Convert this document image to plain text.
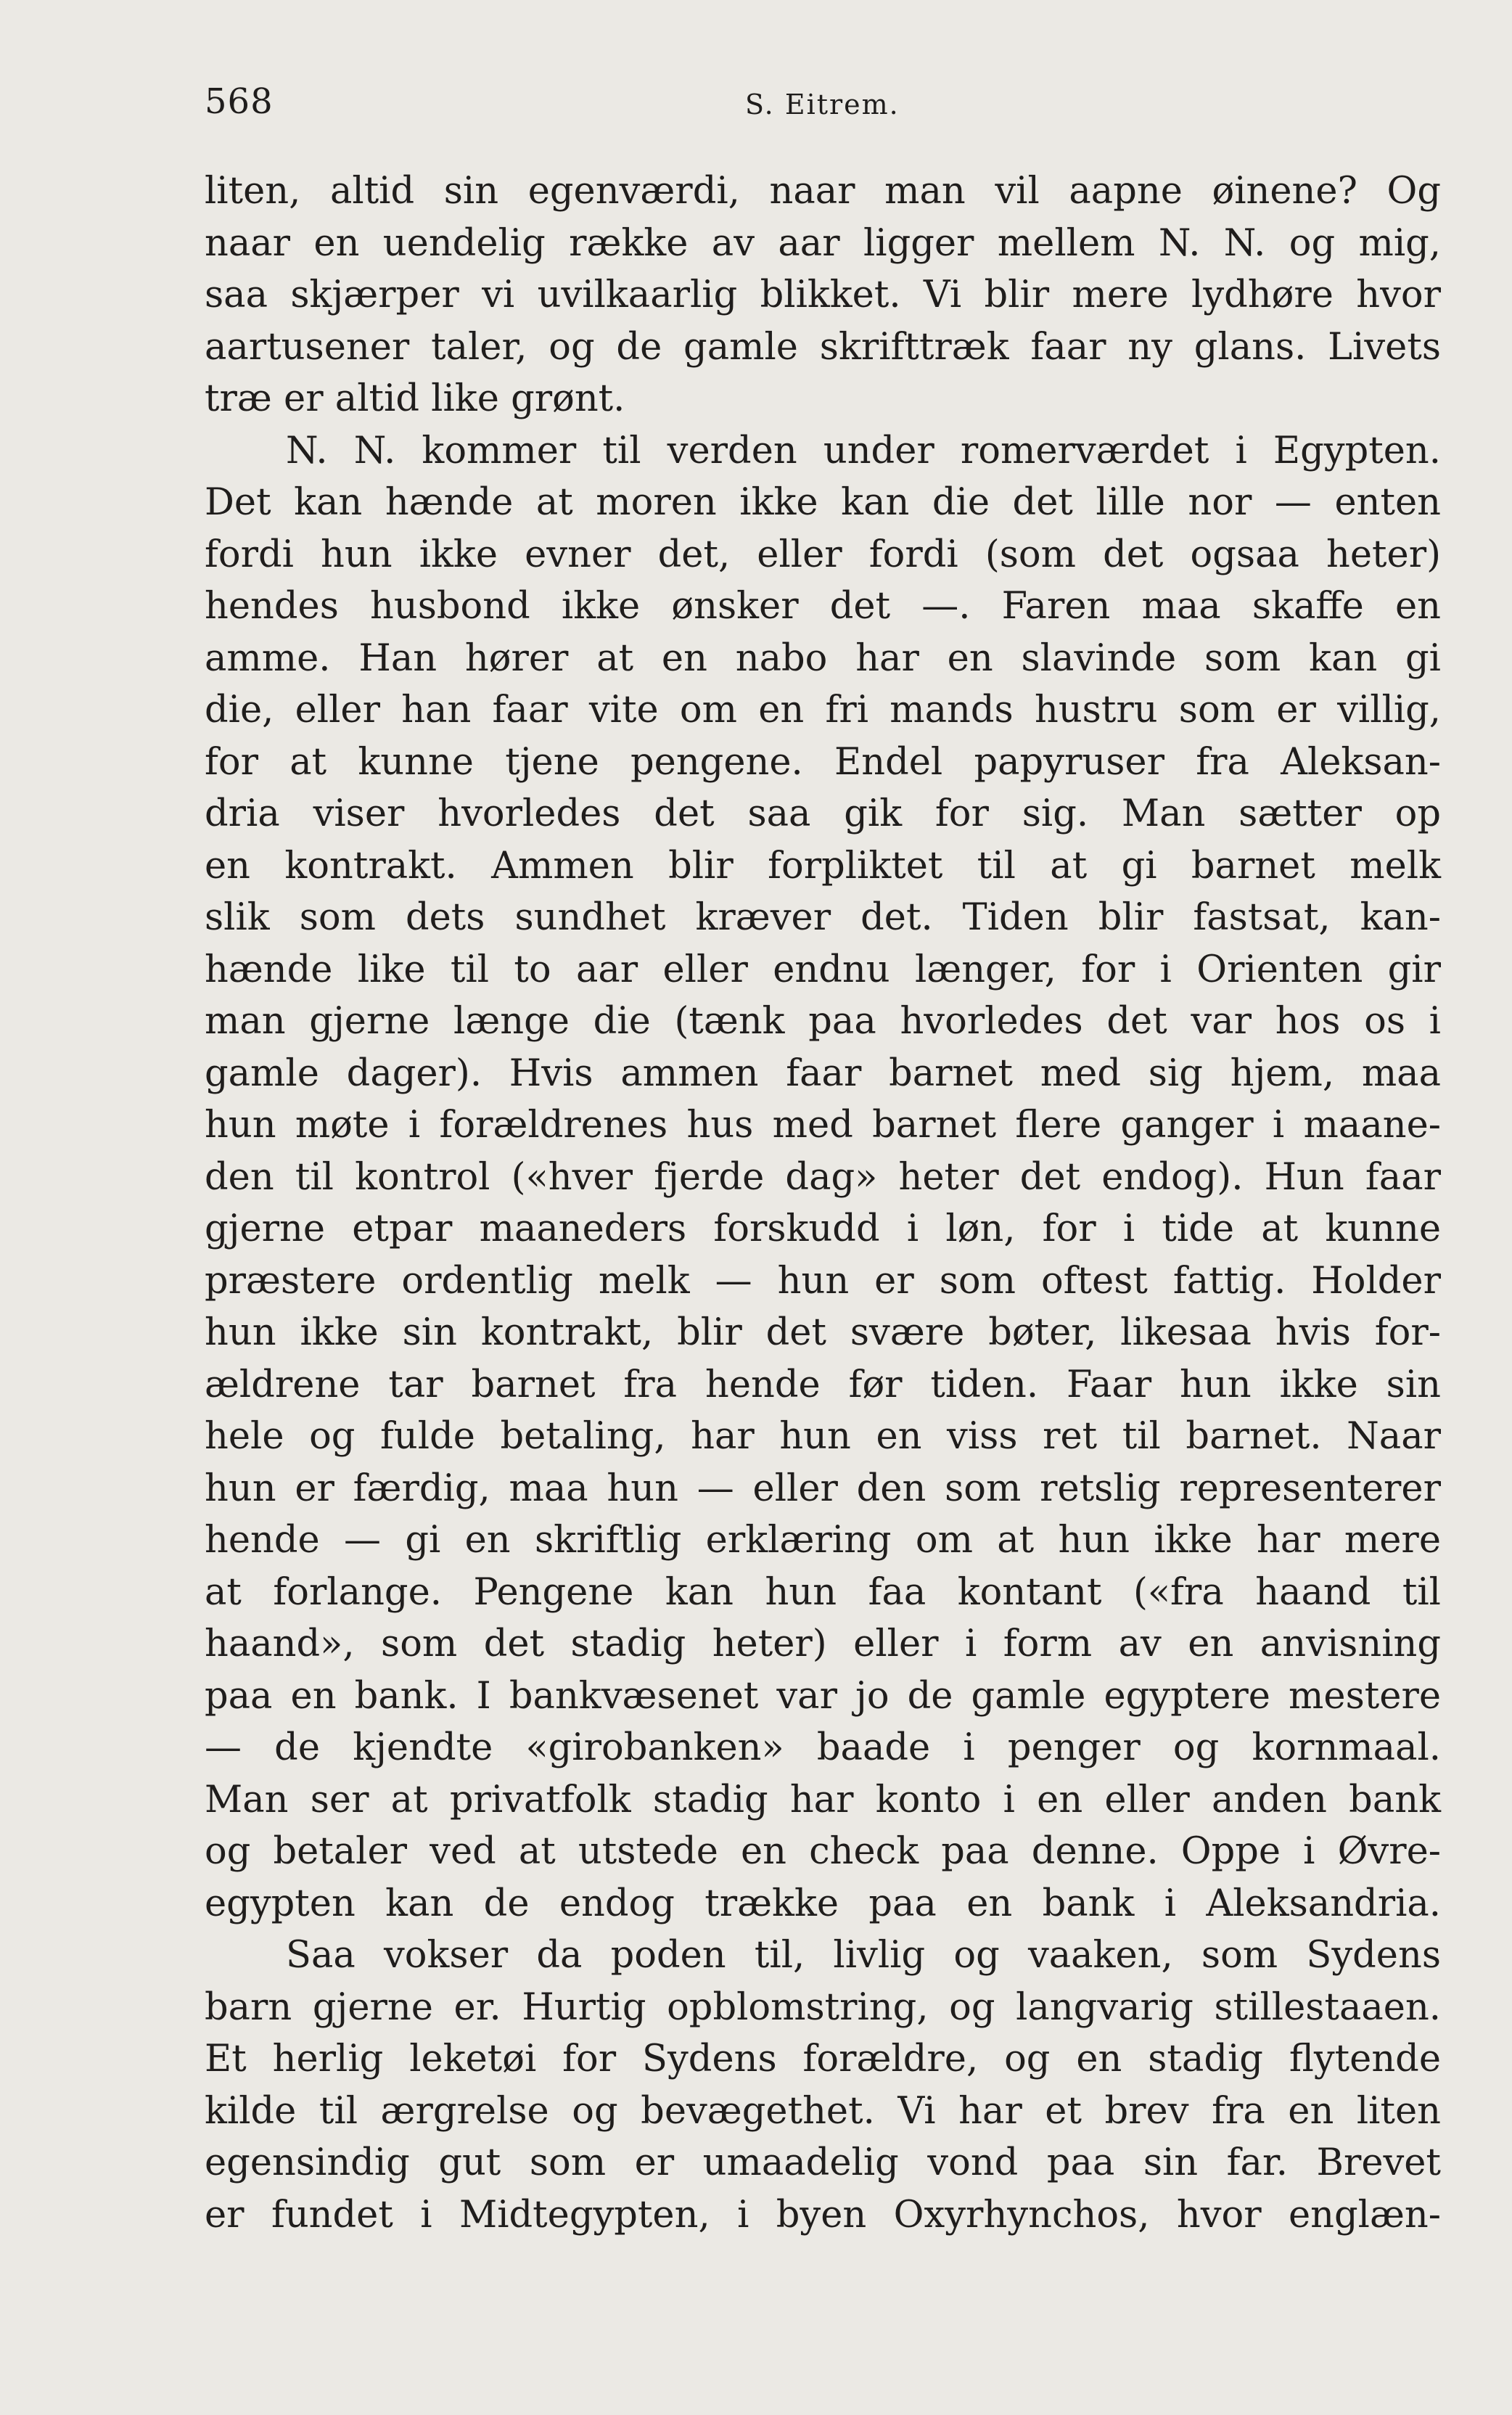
568	S. Eitrem.
liten, altid sin egenværdi, naar man vil aapne øinene? Og
naar en uendelig række av aar ligger mellem N. N. og mig,
saa skjærper vi uvilkaarlig blikket. Vi blir mere lydhøre hvor
aartusener taler, og de gamle skrifttræk faar ny glans. Livets
træ er altid like grønt.
N. N. kommer til verden under romerværdet i Egypten.
Det kan hænde at moren ikke kan die det lille nor — enten
fordi hun ikke evner det, eller fordi (som det ogsaa heter)
hendes husbond ikke ønsker det —. Faren maa skaffe en
amme. Han hører at en nabo har en slavinde som kan gi
die, eller han faar vite om en fri mands hustru som er villig,
for at kunne tjene pengene. Endel papyruser fra Aleksan-
dria viser hvorledes det saa gik for sig. Man sætter op
en kontrakt. Ammen blir forpliktet til at gi barnet melk
slik som dets sundhet kræver det. Tiden blir fastsat, kan-
hænde like til to aar eller endnu længer, for i Orienten gir
man gjerne længe die (tænk paa hvorledes det var hos os i
gamle dager). Hvis ammen faar barnet med sig hjem, maa
hun møte i forældrenes hus med barnet flere ganger i maane-
den til kontrol («hver fjerde dag» heter det endog). Hun faar
gjerne etpar maaneders forskudd i løn, for i tide at kunne
præstere ordentlig melk — hun er som oftest fattig. Holder
hun ikke sin kontrakt, blir det svære bøter, likesaa hvis for-
ældrene tar barnet fra hende før tiden. Faar hun ikke sin
hele og fulde betaling, har hun en viss ret til barnet. Naar
hun er færdig, maa hun — eller den som retslig representerer
hende — gi en skriftlig erklæring om at hun ikke har mere
at forlange. Pengene kan hun faa kontant («fra haand til
haand», som det stadig heter) eller i form av en anvisning
paa en bank. I bankvæsenet var jo de gamle egyptere mestere
— de kjendte «girobanken» baade i penger og kornmaal.
Man ser at privatfolk stadig har konto i en eller anden bank
og betaler ved at utstede en check paa denne. Oppe i Øvre-
egypten kan de endog trække paa en bank i Aleksandria.
Saa vokser da poden til, livlig og vaaken, som Sydens
barn gjerne er. Hurtig opblomstring, og langvarig stillestaaen.
Et herlig leketøi for Sydens forældre, og en stadig flytende
kilde til ærgrelse og bevægethet. Vi har et brev fra en liten
egensindig gut som er umaadelig vond paa sin far. Brevet
er fundet i Midtegypten, i byen Oxyrhynchos, hvor englæn-
